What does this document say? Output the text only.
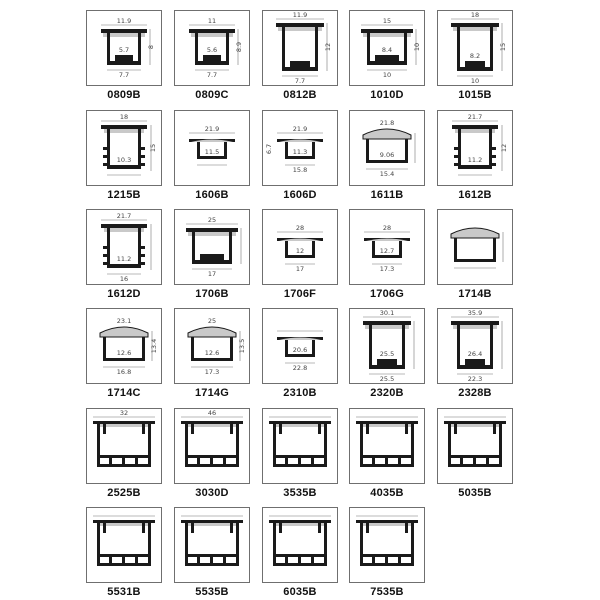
11.9
5.7
7.7
8
0809B
11
5.6
7.7
8.9
0809C
11.9
7.7
12
0812B
15
8.4
10
10
1010D
18
8.2
10
15
1015B
18
10.3
15
1215B
21.9
11.5
1606B
21.9
11.3
15.8
6.7
1606D
21.8
9.06
15.4
1611B
21.7
11.2
12
1612B
21.7
11.2
16
1612D
25
17
1706B
28
12
17
1706F
28
12.7
17.3
1706G	1714B
23.1
12.6
16.8
13.4
1714C
25
12.6
17.3
13.5
1714G
20.6
22.8
2310B
30.1
25.5
25.5
2320B
35.9
26.4
22.3
2328B
32
2525B
46
3030D	3535B	4035B	5035B
5531B	5535B	6035B	7535B
